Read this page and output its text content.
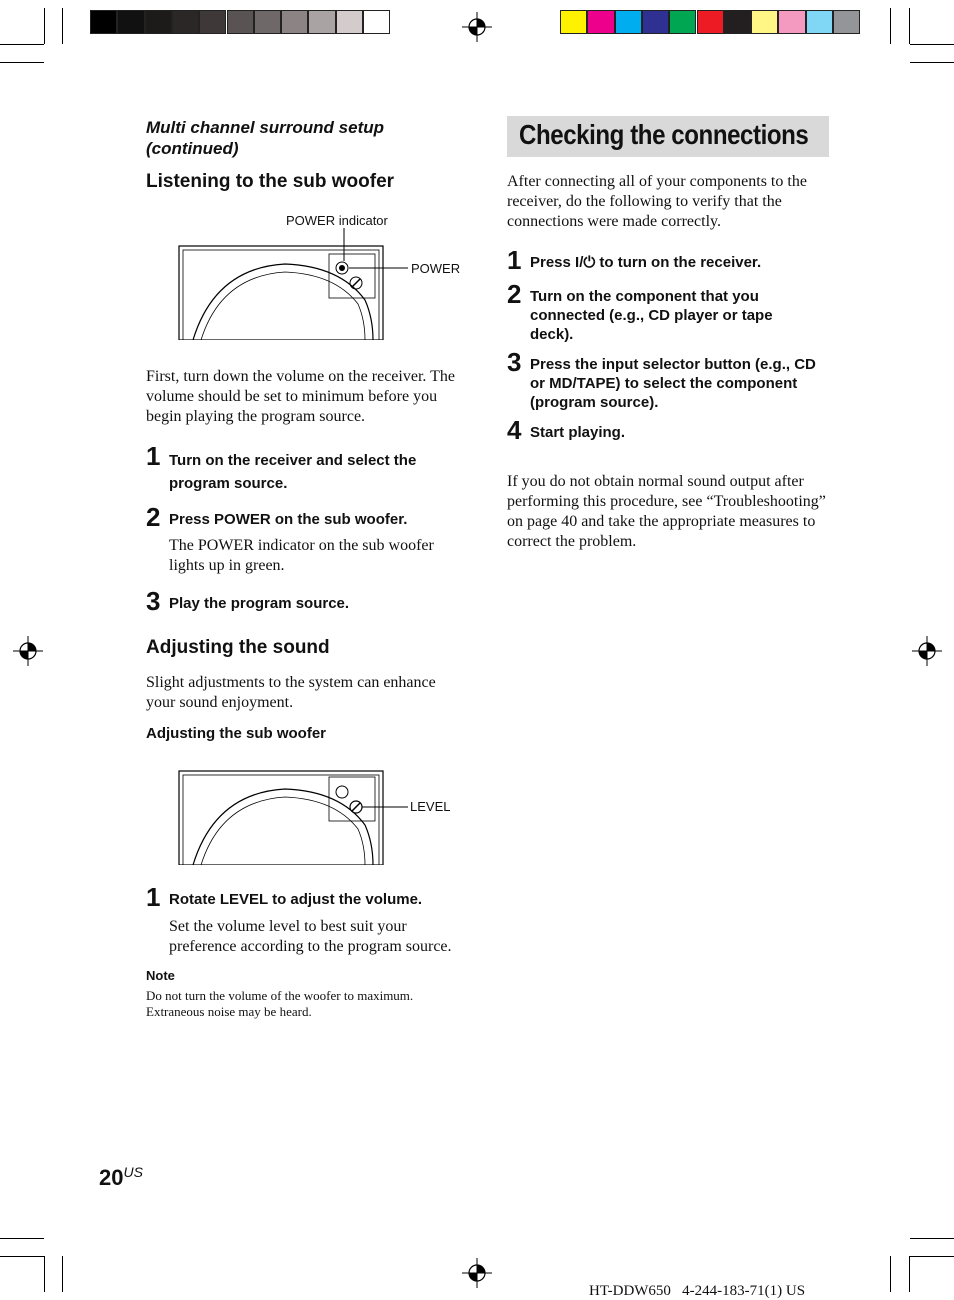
Multi channel surround setup (continued)
Listening to the sub woofer
POWER indicator
POWER
First, turn down the volume on the receiver. The volume should be set to minimum before you begin playing the program source.
1 Turn on the receiver and select the program source.
2 Press POWER on the sub woofer.
The POWER indicator on the sub woofer lights up in green.
3 Play the program source.
Adjusting the sound
Slight adjustments to the system can enhance your sound enjoyment.
Adjusting the sub woofer
LEVEL
1 Rotate LEVEL to adjust the volume.
Set the volume level to best suit your preference according to the program source.
Note
Do not turn the volume of the woofer to maximum. Extraneous noise may be heard.
Checking the connections
After connecting all of your components to the receiver, do the following to verify that the connections were made correctly.
1 Press I/⏻ to turn on the receiver.
2 Turn on the component that you connected (e.g., CD player or tape deck).
3 Press the input selector button (e.g., CD or MD/TAPE) to select the component (program source).
4 Start playing.
If you do not obtain normal sound output after performing this procedure, see “Troubleshooting” on page 40 and take the appropriate measures to correct the problem.
20US
HT-DDW650   4-244-183-71(1) US
